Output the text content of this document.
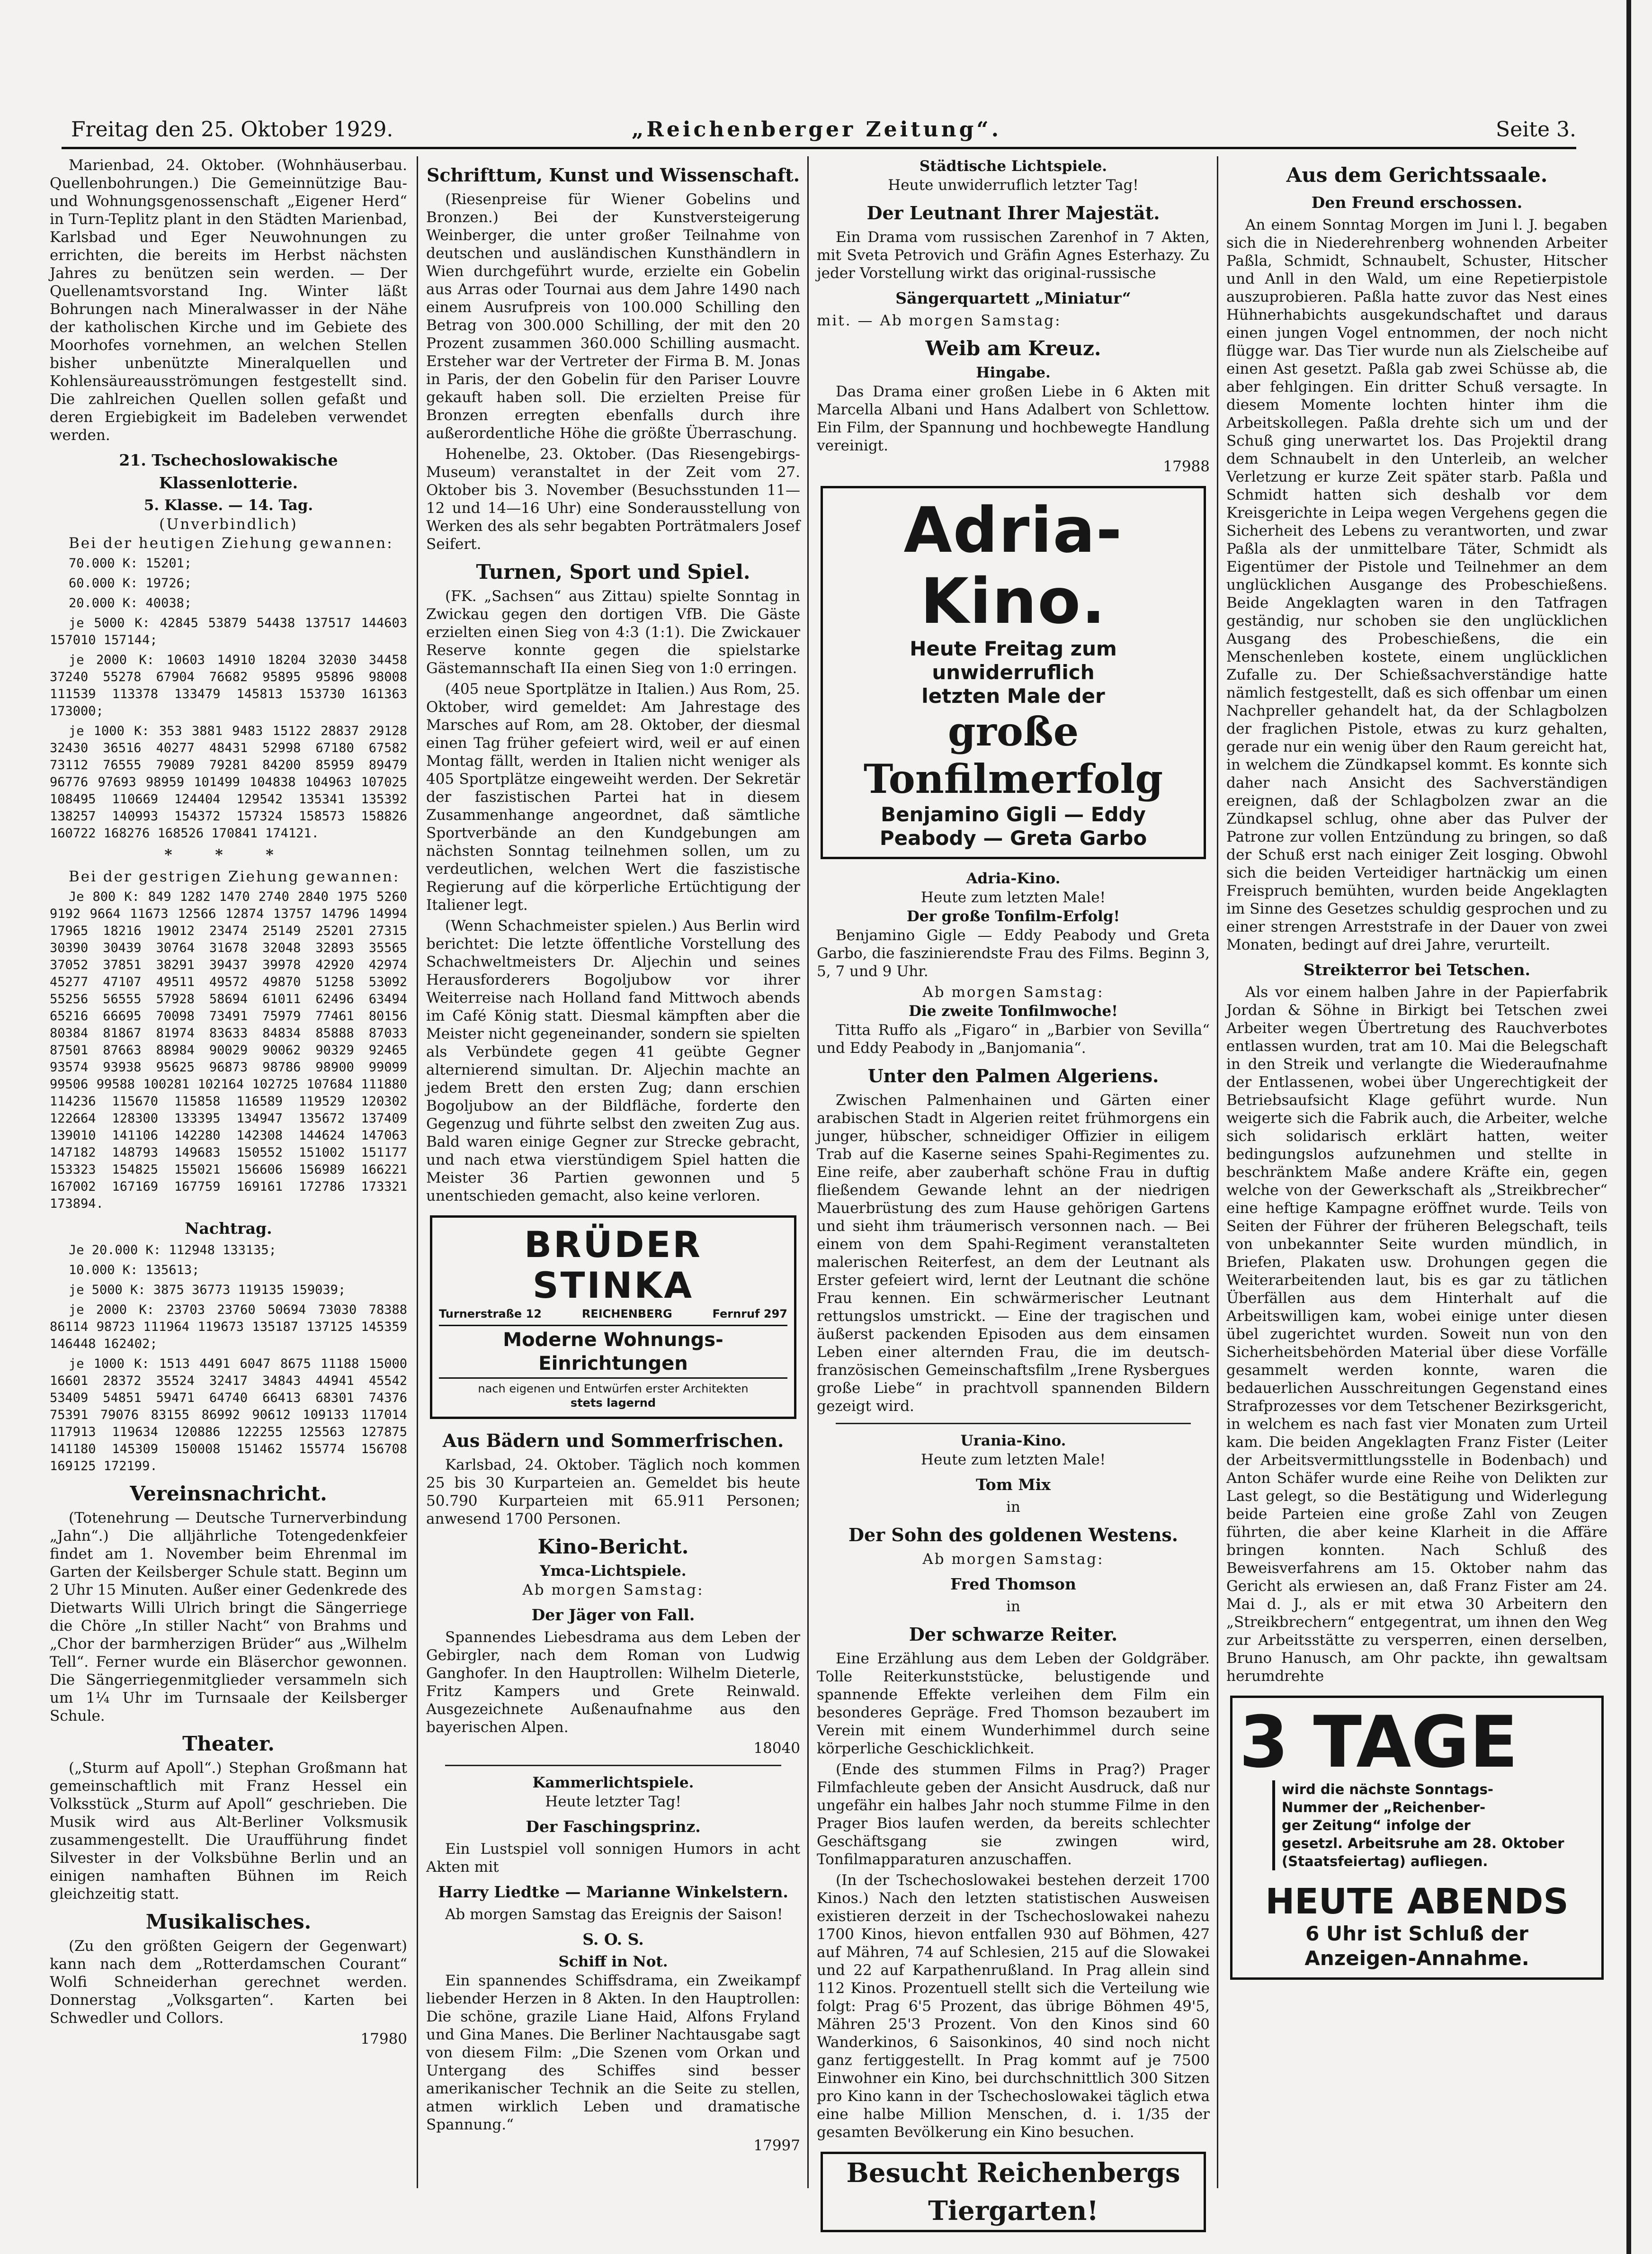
Freitag den 25. Oktober 1929.	„Reichenberger Zeitung“.	Seite 3.

Marienbad, 24. Oktober. (Wohnhäuserbau. Quellenbohrungen.) Die Gemeinnützige Bau- und Wohnungsgenossenschaft „Eigener Herd“ in Turn-Teplitz plant in den Städten Marienbad, Karlsbad und Eger Neuwohnungen zu errichten, die bereits im Herbst nächsten Jahres zu benützen sein werden. — Der Quellenamtsvorstand Ing. Winter läßt Bohrungen nach Mineralwasser in der Nähe der katholischen Kirche und im Gebiete des Moorhofes vornehmen, an welchen Stellen bisher unbenützte Mineralquellen und Kohlensäureausströmungen festgestellt sind. Die zahlreichen Quellen sollen gefaßt und deren Ergiebigkeit im Badeleben verwendet werden.

21. Tschechoslowakische Klassenlotterie.
5. Klasse. — 14. Tag.
(Unverbindlich)

Bei der heutigen Ziehung gewannen:

70.000 K: 15201;

60.000 K: 19726;

20.000 K: 40038;

je 5000 K: 42845 53879 54438 137517 144603 157010 157144;

je 2000 K: 10603 14910 18204 32030 34458 37240 55278 67904 76682 95895 95896 98008 111539 113378 133479 145813 153730 161363 173000;

je 1000 K: 353 3881 9483 15122 28837 29128 32430 36516 40277 48431 52998 67180 67582 73112 76555 79089 79281 84200 85959 89479 96776 97693 98959 101499 104838 104963 107025 108495 110669 124404 129542 135341 135392 138257 140993 154372 157324 158573 158826 160722 168276 168526 170841 174121.

* * *

Bei der gestrigen Ziehung gewannen:

Je 800 K: 849 1282 1470 2740 2840 1975 5260 9192 9664 11673 12566 12874 13757 14796 14994 17965 18216 19012 23474 25149 25201 27315 30390 30439 30764 31678 32048 32893 35565 37052 37851 38291 39437 39978 42920 42974 45277 47107 49511 49572 49870 51258 53092 55256 56555 57928 58694 61011 62496 63494 65216 66695 70098 73491 75979 77461 80156 80384 81867 81974 83633 84834 85888 87033 87501 87663 88984 90029 90062 90329 92465 93574 93938 95625 96873 98786 98900 99099 99506 99588 100281 102164 102725 107684 111880 114236 115670 115858 116589 119529 120302 122664 128300 133395 134947 135672 137409 139010 141106 142280 142308 144624 147063 147182 148793 149683 150552 151002 151177 153323 154825 155021 156606 156989 166221 167002 167169 167759 169161 172786 173321 173894.

Nachtrag.

Je 20.000 K: 112948 133135;

10.000 K: 135613;

je 5000 K: 3875 36773 119135 159039;

je 2000 K: 23703 23760 50694 73030 78388 86114 98723 111964 119673 135187 137125 145359 146448 162402;

je 1000 K: 1513 4491 6047 8675 11188 15000 16601 28372 35524 32417 34843 44941 45542 53409 54851 59471 64740 66413 68301 74376 75391 79076 83155 86992 90612 109133 117014 117913 119634 120886 122255 125563 127875 141180 145309 150008 151462 155774 156708 169125 172199.

Vereinsnachricht.

(Totenehrung — Deutsche Turnerverbindung „Jahn“.) Die alljährliche Totengedenkfeier findet am 1. November beim Ehrenmal im Garten der Keilsberger Schule statt. Beginn um 2 Uhr 15 Minuten. Außer einer Gedenkrede des Dietwarts Willi Ulrich bringt die Sängerriege die Chöre „In stiller Nacht“ von Brahms und „Chor der barmherzigen Brüder“ aus „Wilhelm Tell“. Ferner wurde ein Bläserchor gewonnen. Die Sängerriegenmitglieder versammeln sich um 1¼ Uhr im Turnsaale der Keilsberger Schule.

Theater.

(„Sturm auf Apoll“.) Stephan Großmann hat gemeinschaftlich mit Franz Hessel ein Volksstück „Sturm auf Apoll“ geschrieben. Die Musik wird aus Alt-Berliner Volksmusik zusammengestellt. Die Uraufführung findet Silvester in der Volksbühne Berlin und an einigen namhaften Bühnen im Reich gleichzeitig statt.

Musikalisches.

(Zu den größten Geigern der Gegenwart) kann nach dem „Rotterdamschen Courant“ Wolfi Schneiderhan gerechnet werden. Donnerstag „Volksgarten“. Karten bei Schwedler und Collors.

17980
Schrifttum, Kunst und Wissenschaft.

(Riesenpreise für Wiener Gobelins und Bronzen.) Bei der Kunstversteigerung Weinberger, die unter großer Teilnahme von deutschen und ausländischen Kunsthändlern in Wien durchgeführt wurde, erzielte ein Gobelin aus Arras oder Tournai aus dem Jahre 1490 nach einem Ausrufpreis von 100.000 Schilling den Betrag von 300.000 Schilling, der mit den 20 Prozent zusammen 360.000 Schilling ausmacht. Ersteher war der Vertreter der Firma B. M. Jonas in Paris, der den Gobelin für den Pariser Louvre gekauft haben soll. Die erzielten Preise für Bronzen erregten ebenfalls durch ihre außerordentliche Höhe die größte Überraschung.

Hohenelbe, 23. Oktober. (Das Riesengebirgs-Museum) veranstaltet in der Zeit vom 27. Oktober bis 3. November (Besuchsstunden 11—12 und 14—16 Uhr) eine Sonderausstellung von Werken des als sehr begabten Porträtmalers Josef Seifert.

Turnen, Sport und Spiel.

(FK. „Sachsen“ aus Zittau) spielte Sonntag in Zwickau gegen den dortigen VfB. Die Gäste erzielten einen Sieg von 4:3 (1:1). Die Zwickauer Reserve konnte gegen die spielstarke Gästemannschaft IIa einen Sieg von 1:0 erringen.

(405 neue Sportplätze in Italien.) Aus Rom, 25. Oktober, wird gemeldet: Am Jahrestage des Marsches auf Rom, am 28. Oktober, der diesmal einen Tag früher gefeiert wird, weil er auf einen Montag fällt, werden in Italien nicht weniger als 405 Sportplätze eingeweiht werden. Der Sekretär der faszistischen Partei hat in diesem Zusammenhange angeordnet, daß sämtliche Sportverbände an den Kundgebungen am nächsten Sonntag teilnehmen sollen, um zu verdeutlichen, welchen Wert die faszistische Regierung auf die körperliche Ertüchtigung der Italiener legt.

(Wenn Schachmeister spielen.) Aus Berlin wird berichtet: Die letzte öffentliche Vorstellung des Schachweltmeisters Dr. Aljechin und seines Herausforderers Bogoljubow vor ihrer Weiterreise nach Holland fand Mittwoch abends im Café König statt. Diesmal kämpften aber die Meister nicht gegeneinander, sondern sie spielten als Verbündete gegen 41 geübte Gegner alternierend simultan. Dr. Aljechin machte an jedem Brett den ersten Zug; dann erschien Bogoljubow an der Bildfläche, forderte den Gegenzug und führte selbst den zweiten Zug aus. Bald waren einige Gegner zur Strecke gebracht, und nach etwa vierstündigem Spiel hatten die Meister 36 Partien gewonnen und 5 unentschieden gemacht, also keine verloren.

BRÜDER STINKA
Turnerstraße 12	REICHENBERG	Fernruf 297
Moderne Wohnungs-Einrichtungen
nach eigenen und Entwürfen erster Architekten
stets lagernd
Aus Bädern und Sommerfrischen.

Karlsbad, 24. Oktober. Täglich noch kommen 25 bis 30 Kurparteien an. Gemeldet bis heute 50.790 Kurparteien mit 65.911 Personen; anwesend 1700 Personen.

Kino-Bericht.
Ymca-Lichtspiele.
Ab morgen Samstag:
Der Jäger von Fall.

Spannendes Liebesdrama aus dem Leben der Gebirgler, nach dem Roman von Ludwig Ganghofer. In den Hauptrollen: Wilhelm Dieterle, Fritz Kampers und Grete Reinwald. Ausgezeichnete Außenaufnahme aus den bayerischen Alpen.

18040
Kammerlichtspiele.
Heute letzter Tag!
Der Faschingsprinz.

Ein Lustspiel voll sonnigen Humors in acht Akten mit

Harry Liedtke — Marianne Winkelstern.

Ab morgen Samstag das Ereignis der Saison!

S. O. S.
Schiff in Not.

Ein spannendes Schiffsdrama, ein Zweikampf liebender Herzen in 8 Akten. In den Hauptrollen: Die schöne, grazile Liane Haid, Alfons Fryland und Gina Manes. Die Berliner Nachtausgabe sagt von diesem Film: „Die Szenen vom Orkan und Untergang des Schiffes sind besser amerikanischer Technik an die Seite zu stellen, atmen wirklich Leben und dramatische Spannung.“

17997
Städtische Lichtspiele.
Heute unwiderruflich letzter Tag!
Der Leutnant Ihrer Majestät.

Ein Drama vom russischen Zarenhof in 7 Akten, mit Sveta Petrovich und Gräfin Agnes Esterhazy. Zu jeder Vorstellung wirkt das original-russische

Sängerquartett „Miniatur“

mit. — Ab morgen Samstag:

Weib am Kreuz.
Hingabe.

Das Drama einer großen Liebe in 6 Akten mit Marcella Albani und Hans Adalbert von Schlettow. Ein Film, der Spannung und hochbewegte Handlung vereinigt.

17988
Adria-Kino.
Heute Freitag zum unwiderruflich
letzten Male der
große Tonfilmerfolg
Benjamino Gigli — Eddy
Peabody — Greta Garbo
Adria-Kino.
Heute zum letzten Male!
Der große Tonfilm-Erfolg!

Benjamino Gigle — Eddy Peabody und Greta Garbo, die faszinierendste Frau des Films. Beginn 3, 5, 7 und 9 Uhr.

Ab morgen Samstag:
Die zweite Tonfilmwoche!

Titta Ruffo als „Figaro“ in „Barbier von Sevilla“ und Eddy Peabody in „Banjomania“.

Unter den Palmen Algeriens.

Zwischen Palmenhainen und Gärten einer arabischen Stadt in Algerien reitet frühmorgens ein junger, hübscher, schneidiger Offizier in eiligem Trab auf die Kaserne seines Spahi-Regimentes zu. Eine reife, aber zauberhaft schöne Frau in duftig fließendem Gewande lehnt an der niedrigen Mauerbrüstung des zum Hause gehörigen Gartens und sieht ihm träumerisch versonnen nach. — Bei einem von dem Spahi-Regiment veranstalteten malerischen Reiterfest, an dem der Leutnant als Erster gefeiert wird, lernt der Leutnant die schöne Frau kennen. Ein schwärmerischer Leutnant rettungslos umstrickt. — Eine der tragischen und äußerst packenden Episoden aus dem einsamen Leben einer alternden Frau, die im deutsch-französischen Gemeinschaftsfilm „Irene Rysbergues große Liebe“ in prachtvoll spannenden Bildern gezeigt wird.

Urania-Kino.
Heute zum letzten Male!
Tom Mix
in
Der Sohn des goldenen Westens.
Ab morgen Samstag:
Fred Thomson
in
Der schwarze Reiter.

Eine Erzählung aus dem Leben der Goldgräber. Tolle Reiterkunststücke, belustigende und spannende Effekte verleihen dem Film ein besonderes Gepräge. Fred Thomson bezaubert im Verein mit einem Wunderhimmel durch seine körperliche Geschicklichkeit.

(Ende des stummen Films in Prag?) Prager Filmfachleute geben der Ansicht Ausdruck, daß nur ungefähr ein halbes Jahr noch stumme Filme in den Prager Bios laufen werden, da bereits schlechter Geschäftsgang sie zwingen wird, Tonfilmapparaturen anzuschaffen.

(In der Tschechoslowakei bestehen derzeit 1700 Kinos.) Nach den letzten statistischen Ausweisen existieren derzeit in der Tschechoslowakei nahezu 1700 Kinos, hievon entfallen 930 auf Böhmen, 427 auf Mähren, 74 auf Schlesien, 215 auf die Slowakei und 22 auf Karpathenrußland. In Prag allein sind 112 Kinos. Prozentuell stellt sich die Verteilung wie folgt: Prag 6'5 Prozent, das übrige Böhmen 49'5, Mähren 25'3 Prozent. Von den Kinos sind 60 Wanderkinos, 6 Saisonkinos, 40 sind noch nicht ganz fertiggestellt. In Prag kommt auf je 7500 Einwohner ein Kino, bei durchschnittlich 300 Sitzen pro Kino kann in der Tschechoslowakei täglich etwa eine halbe Million Menschen, d. i. 1/35 der gesamten Bevölkerung ein Kino besuchen.

Besucht Reichenbergs Tiergarten!
Aus dem Gerichtssaale.
Den Freund erschossen.

An einem Sonntag Morgen im Juni l. J. begaben sich die in Niederehrenberg wohnenden Arbeiter Paßla, Schmidt, Schnaubelt, Schuster, Hitscher und Anll in den Wald, um eine Repetierpistole auszuprobieren. Paßla hatte zuvor das Nest eines Hühnerhabichts ausgekundschaftet und daraus einen jungen Vogel entnommen, der noch nicht flügge war. Das Tier wurde nun als Zielscheibe auf einen Ast gesetzt. Paßla gab zwei Schüsse ab, die aber fehlgingen. Ein dritter Schuß versagte. In diesem Momente lochten hinter ihm die Arbeitskollegen. Paßla drehte sich um und der Schuß ging unerwartet los. Das Projektil drang dem Schnaubelt in den Unterleib, an welcher Verletzung er kurze Zeit später starb. Paßla und Schmidt hatten sich deshalb vor dem Kreisgerichte in Leipa wegen Vergehens gegen die Sicherheit des Lebens zu verantworten, und zwar Paßla als der unmittelbare Täter, Schmidt als Eigentümer der Pistole und Teilnehmer an dem unglücklichen Ausgange des Probeschießens. Beide Angeklagten waren in den Tatfragen geständig, nur schoben sie den unglücklichen Ausgang des Probeschießens, die ein Menschenleben kostete, einem unglücklichen Zufalle zu. Der Schießsachverständige hatte nämlich festgestellt, daß es sich offenbar um einen Nachpreller gehandelt hat, da der Schlagbolzen der fraglichen Pistole, etwas zu kurz gehalten, gerade nur ein wenig über den Raum gereicht hat, in welchem die Zündkapsel kommt. Es konnte sich daher nach Ansicht des Sachverständigen ereignen, daß der Schlagbolzen zwar an die Zündkapsel schlug, ohne aber das Pulver der Patrone zur vollen Entzündung zu bringen, so daß der Schuß erst nach einiger Zeit losging. Obwohl sich die beiden Verteidiger hartnäckig um einen Freispruch bemühten, wurden beide Angeklagten im Sinne des Gesetzes schuldig gesprochen und zu einer strengen Arreststrafe in der Dauer von zwei Monaten, bedingt auf drei Jahre, verurteilt.

Streikterror bei Tetschen.

Als vor einem halben Jahre in der Papierfabrik Jordan & Söhne in Birkigt bei Tetschen zwei Arbeiter wegen Übertretung des Rauchverbotes entlassen wurden, trat am 10. Mai die Belegschaft in den Streik und verlangte die Wiederaufnahme der Entlassenen, wobei über Ungerechtigkeit der Betriebsaufsicht Klage geführt wurde. Nun weigerte sich die Fabrik auch, die Arbeiter, welche sich solidarisch erklärt hatten, weiter bedingungslos aufzunehmen und stellte in beschränktem Maße andere Kräfte ein, gegen welche von der Gewerkschaft als „Streikbrecher“ eine heftige Kampagne eröffnet wurde. Teils von Seiten der Führer der früheren Belegschaft, teils von unbekannter Seite wurden mündlich, in Briefen, Plakaten usw. Drohungen gegen die Weiterarbeitenden laut, bis es gar zu tätlichen Überfällen aus dem Hinterhalt auf die Arbeitswilligen kam, wobei einige unter diesen übel zugerichtet wurden. Soweit nun von den Sicherheitsbehörden Material über diese Vorfälle gesammelt werden konnte, waren die bedauerlichen Ausschreitungen Gegenstand eines Strafprozesses vor dem Tetschener Bezirksgericht, in welchem es nach fast vier Monaten zum Urteil kam. Die beiden Angeklagten Franz Fister (Leiter der Arbeitsvermittlungsstelle in Bodenbach) und Anton Schäfer wurde eine Reihe von Delikten zur Last gelegt, so die Bestätigung und Widerlegung beide Parteien eine große Zahl von Zeugen führten, die aber keine Klarheit in die Affäre bringen konnten. Nach Schluß des Beweisverfahrens am 15. Oktober nahm das Gericht als erwiesen an, daß Franz Fister am 24. Mai d. J., als er mit etwa 30 Arbeitern den „Streikbrechern“ entgegentrat, um ihnen den Weg zur Arbeitsstätte zu versperren, einen derselben, Bruno Hanusch, am Ohr packte, ihn gewaltsam herumdrehte

3 TAGE
wird die nächste Sonntags-
Nummer der „Reichenber-
ger Zeitung“ infolge der
gesetzl. Arbeitsruhe am 28. Oktober
(Staatsfeiertag) aufliegen.
HEUTE ABENDS
6 Uhr ist Schluß der
Anzeigen-Annahme.
